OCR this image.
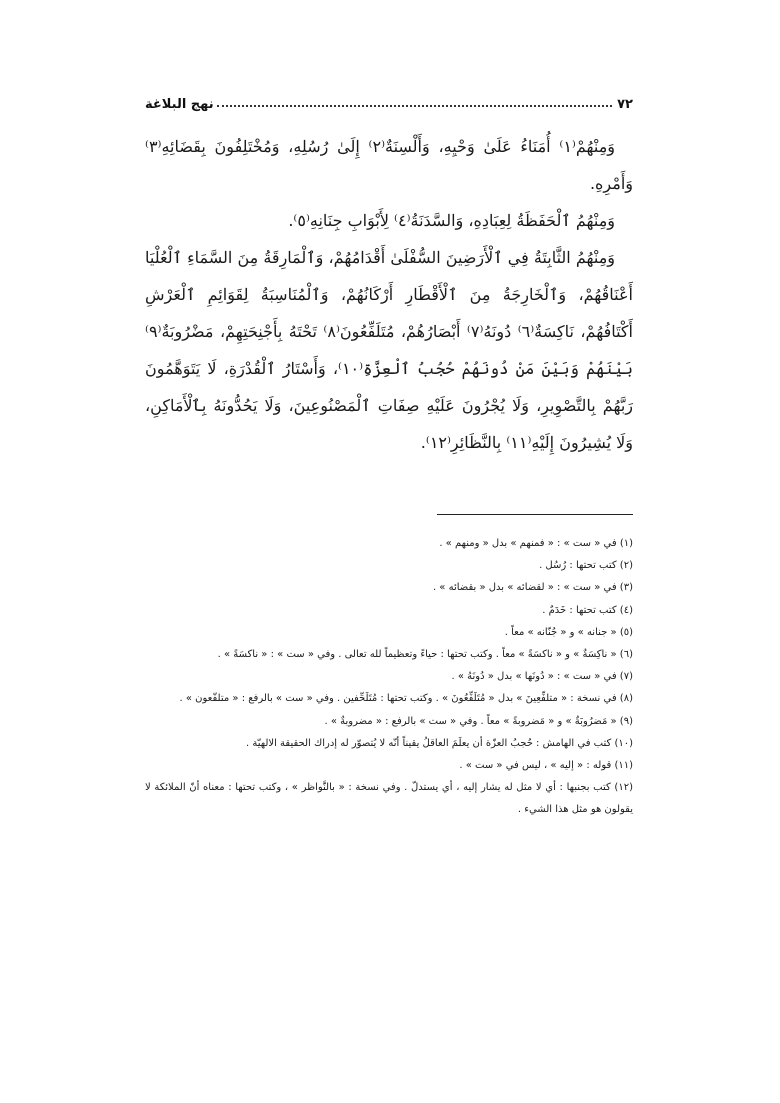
٧٢
نهج البلاغة

وَمِنْهُمْ⁽١⁾ أُمَنَاءُ عَلَىٰ وَحْيِهِ، وَأَلْسِنَةٌ⁽٢⁾ إِلَىٰ رُسُلِهِ، وَمُخْتَلِفُونَ بِقَضَائِهِ⁽٣⁾ وَأَمْرِهِ.

وَمِنْهُمُ ٱلْحَفَظَةُ لِعِبَادِهِ، وَالسَّدَنَةُ⁽٤⁾ لِأَبْوَابِ جِنَانِهِ⁽٥⁾.

وَمِنْهُمُ الثَّابِتَةُ فِي ٱلْأَرَضِينَ السُّفْلَىٰ أَقْدَامُهُمْ، وَٱلْمَارِقَةُ مِنَ السَّمَاءِ ٱلْعُلْيَا أَعْنَاقُهُمْ، وَٱلْخَارِجَةُ مِنَ ٱلْأَقْطَارِ أَرْكَانُهُمْ، وَٱلْمُنَاسِبَةُ لِقَوَائِمِ ٱلْعَرْشِ أَكْتَافُهُمْ، نَاكِسَةٌ⁽٦⁾ دُونَهُ⁽٧⁾ أَبْصَارُهُمْ، مُتَلَفِّعُونَ⁽٨⁾ تَحْتَهُ بِأَجْنِحَتِهِمْ، مَضْرُوبَةٌ⁽٩⁾ بَيْنَهُمْ وَبَيْنَ مَنْ دُونَهُمْ حُجُبُ ٱلْعِزَّةِ⁽١٠⁾، وَأَسْتَارُ ٱلْقُدْرَةِ، لَا يَتَوَهَّمُونَ رَبَّهُمْ بِالتَّصْوِيرِ، وَلَا يُجْرُونَ عَلَيْهِ صِفَاتِ ٱلْمَصْنُوعِينَ، وَلَا يَحُدُّونَهُ بِٱلْأَمَاكِنِ، وَلَا يُشِيرُونَ إِلَيْهِ⁽١١⁾ بِالنَّظَائِرِ⁽١٢⁾.

(١) في « ست » : « فمنهم » بدل « ومنهم » .

(٢) كتب تحتها : رُسُل .

(٣) في « ست » : « لقضائه » بدل « بقضائه » .

(٤) كتب تحتها : خَدَمٌ .

(٥) « جنانه » و « جُنّانه » معاً .

(٦) « ناكِسَةٌ » و « ناكسَةً » معاً . وكتب تحتها : حياءً وتعظيماً لله تعالى . وفي « ست » : « ناكسَةً » .

(٧) في « ست » : « دُونَها » بدل « دُونَهُ » .

(٨) في نسخة : « متلفِّعِينَ » بدل « مُتَلَفِّعُونَ » . وكتب تحتها : مُتَلَحِّفين . وفي « ست » بالرفع : « متلفّعون » .

(٩) « مَضرُوبَةٌ » و « مَضروبةً » معاً . وفي « ست » بالرفع : « مضروبةٌ » .

(١٠) كتب في الهامش : حُجبُ العزّة أن يعلَمَ العاقلُ يقيناً أنّه لا يُتصوّر له إدراك الحقيقة الالهيّة .

(١١) قوله : « إليه » ، ليس في « ست » .

(١٢) كتب بجنبها : أي لا مثل له يشار إليه ، أي يستدلّ . وفي نسخة : « بالنَّواظر » ، وكتب تحتها : معناه أنّ الملائكة لا يقولون هو مثل هذا الشيء .
